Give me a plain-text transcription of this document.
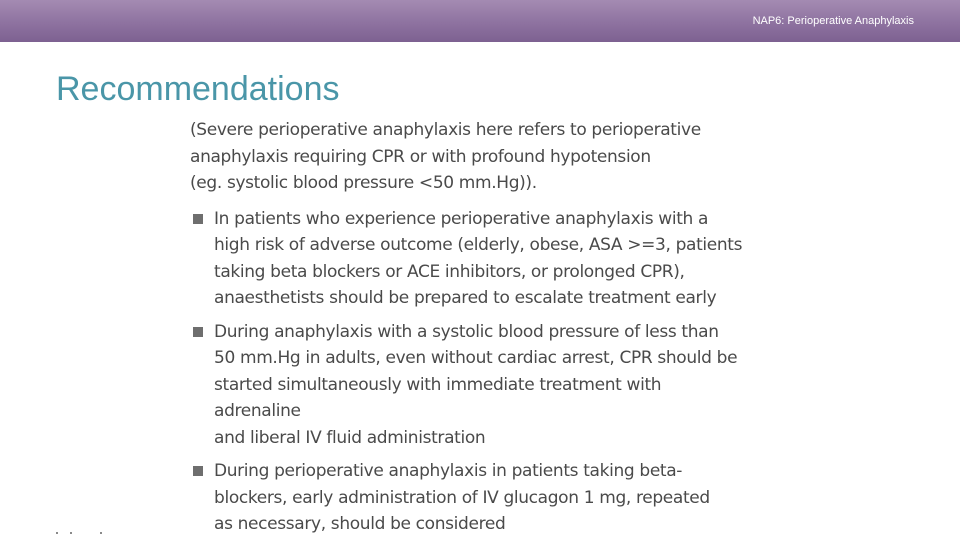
NAP6: Perioperative Anaphylaxis
Recommendations

(Severe perioperative anaphylaxis here refers to perioperative
anaphylaxis requiring CPR or with profound hypotension
(eg. systolic blood pressure <50 mm.Hg)).

In patients who experience perioperative anaphylaxis with a
high risk of adverse outcome (elderly, obese, ASA >=3, patients
taking beta blockers or ACE inhibitors, or prolonged CPR),
anaesthetists should be prepared to escalate treatment early
During anaphylaxis with a systolic blood pressure of less than
50 mm.Hg in adults, even without cardiac arrest, CPR should be
started simultaneously with immediate treatment with adrenaline
and liberal IV fluid administration
During perioperative anaphylaxis in patients taking beta-
blockers, early administration of IV glucagon 1 mg, repeated
as necessary, should be considered
